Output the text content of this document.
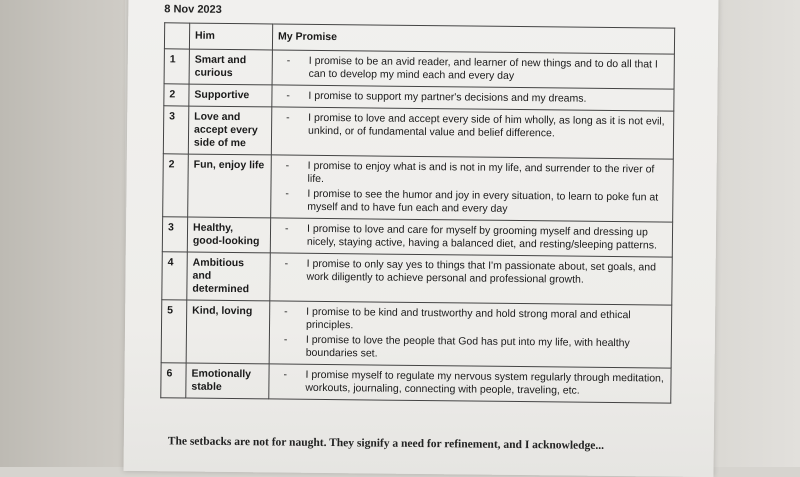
8 Nov 2023
	Him	My Promise
1	Smart and curious	- I promise to be an avid reader, and learner of new things and to do all that I can to develop my mind each and every day

2	Supportive	- I promise to support my partner's decisions and my dreams.

3	Love and accept every side of me	- I promise to love and accept every side of him wholly, as long as it is not evil, unkind, or of fundamental value and belief difference.

2	Fun, enjoy life	- I promise to enjoy what is and is not in my life, and surrender to the river of life.
- I promise to see the humor and joy in every situation, to learn to poke fun at myself and to have fun each and every day

3	Healthy, good-looking	- I promise to love and care for myself by grooming myself and dressing up nicely, staying active, having a balanced diet, and resting/sleeping patterns.

4	Ambitious and determined	- I promise to only say yes to things that I'm passionate about, set goals, and work diligently to achieve personal and professional growth.

5	Kind, loving	- I promise to be kind and trustworthy and hold strong moral and ethical principles.
- I promise to love the people that God has put into my life, with healthy boundaries set.

6	Emotionally stable	- I promise myself to regulate my nervous system regularly through meditation, workouts, journaling, connecting with people, traveling, etc.
The setbacks are not for naught. They signify a need for refinement, and I acknowledge...
